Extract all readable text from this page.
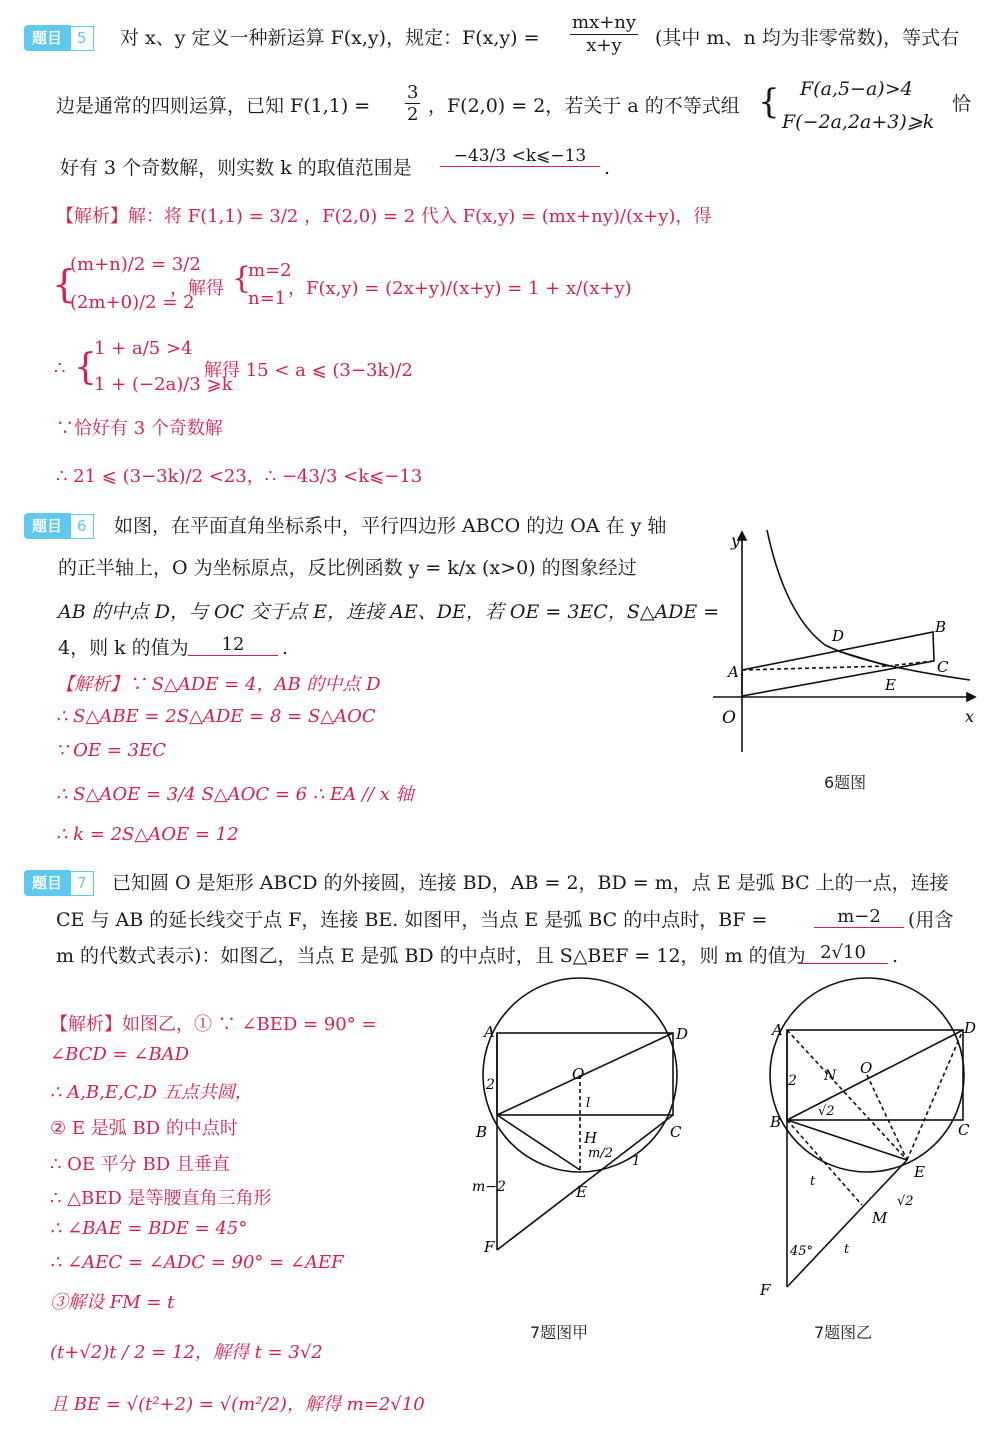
题目	5	对 x、y 定义一种新运算 F(x,y)，规定：$F(x,y) = \frac{mx+ny}{x+y}$ (其中 m、n 均为非零常数)，等式右
边是通常的四则运算，已知 $F(1,1) = \frac{3}{2}$ ，F(2,0) = 2，若关于 a 的不等式组 { F(a,5−a)>4
F(−2a,2a+3)⩾k
恰
好有 3 个奇数解，则实数 k 的取值范围是
−43/3 <k⩽−13
.
【解析】解：将 F(1,1) = 3/2 ，F(2,0) = 2 代入 F(x,y) = (mx+ny)/(x+y)，得
{
(m+n)/2 = 3/2
(2m+0)/2 = 2
，解得 {
m=2
n=1 ，F(x,y) = (2x+y)/(x+y) = 1 + x/(x+y)
∴ {
1 + a/5 >4
1 + (−2a)/3 ⩾k
解得 15 < a ⩽ (3−3k)/2
∵恰好有 3 个奇数解
∴ 21 ⩽ (3−3k)/2 <23，∴ −43/3 <k⩽−13
题目	6	如图，在平面直角坐标系中，平行四边形 ABCO 的边 OA 在 y 轴
的正半轴上，O 为坐标原点，反比例函数 y = k/x (x>0) 的图象经过
AB 的中点 D，与 OC 交于点 E，连接 AE、DE，若 OE = 3EC，S△ADE =
4，则 k 的值为	12	.
【解析】∵ S△ADE = 4，AB 的中点 D
∴ S△ABE = 2S△ADE = 8 = S△AOC
∵ OE = 3EC
∴ S△AOE = 3/4 S△AOC = 6 ∴ EA // x 轴
∴ k = 2S△AOE = 12
y
x
O
A
B
C
D
E
6题图
题目	7	已知圆 O 是矩形 ABCD 的外接圆，连接 BD，AB = 2，BD = m，点 E 是弧 BC 上的一点，连接
CE 与 AB 的延长线交于点 F，连接 BE. 如图甲，当点 E 是弧 BC 的中点时，BF =	m−2	(用含
m 的代数式表示)：如图乙，当点 E 是弧 BD 的中点时，且 S△BEF = 12，则 m 的值为 2√10	.
【解析】如图乙，① ∵ ∠BED = 90° =
∠BCD = ∠BAD
∴ A,B,E,C,D 五点共圆，
② E 是弧 BD 的中点时
∴ OE 平分 BD 且垂直
∴ △BED 是等腰直角三角形
∴ ∠BAE = BDE = 45°
∴ ∠AEC = ∠ADC = 90° = ∠AEF
③解设 FM = t
(t+√2)t / 2 = 12，解得 t = 3√2
且 BE = √(t²+2) = √(m²/2)，解得 m=2√10
A	D
O
B	C
H
E
F
2
m−2
m/2
l
1
7题图甲
A	D
N O
B	C
E
M
F
2
√2
√2
t
t
45°
7题图乙
